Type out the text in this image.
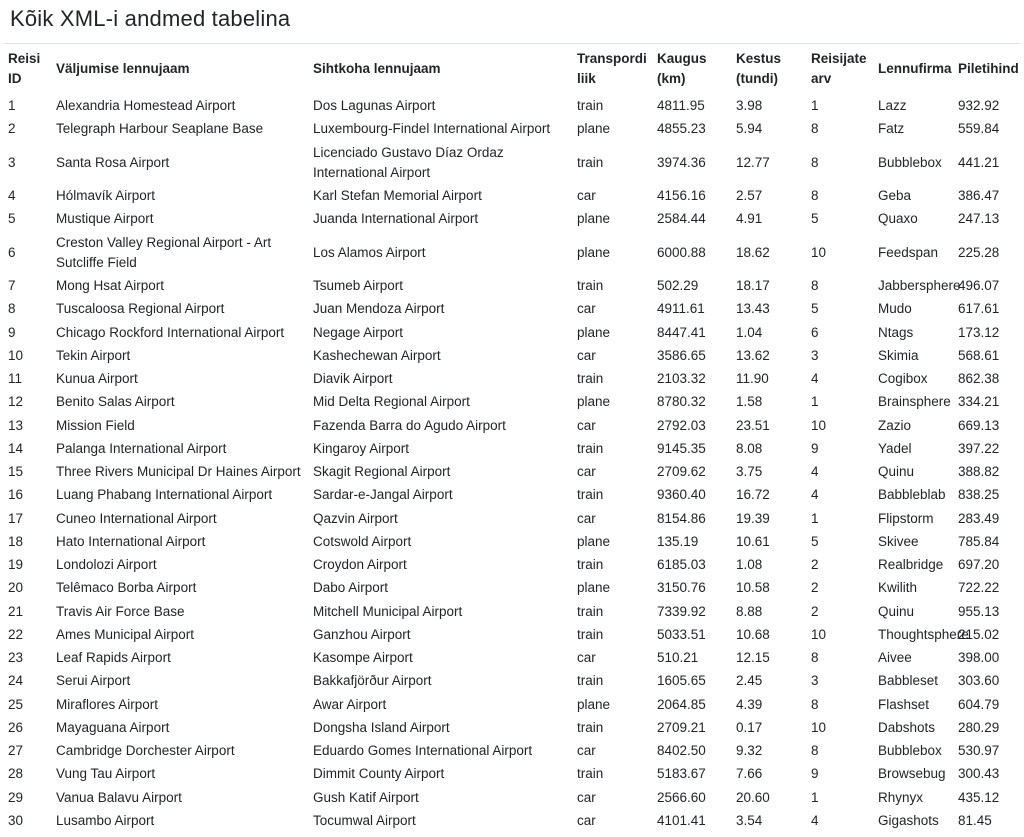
Kõik XML-i andmed tabelina
Reisi ID	Väljumise lennujaam	Sihtkoha lennujaam	Transpordi liik	Kaugus (km)	Kestus (tundi)	Reisijate arv	Lennufirma	Piletihind
1	Alexandria Homestead Airport	Dos Lagunas Airport	train	4811.95	3.98	1	Lazz	932.92
2	Telegraph Harbour Seaplane Base	Luxembourg-Findel International Airport	plane	4855.23	5.94	8	Fatz	559.84
3	Santa Rosa Airport	Licenciado Gustavo Díaz Ordaz International Airport	train	3974.36	12.77	8	Bubblebox	441.21
4	Hólmavík Airport	Karl Stefan Memorial Airport	car	4156.16	2.57	8	Geba	386.47
5	Mustique Airport	Juanda International Airport	plane	2584.44	4.91	5	Quaxo	247.13
6	Creston Valley Regional Airport - Art Sutcliffe Field	Los Alamos Airport	plane	6000.88	18.62	10	Feedspan	225.28
7	Mong Hsat Airport	Tsumeb Airport	train	502.29	18.17	8	Jabbersphere	496.07
8	Tuscaloosa Regional Airport	Juan Mendoza Airport	car	4911.61	13.43	5	Mudo	617.61
9	Chicago Rockford International Airport	Negage Airport	plane	8447.41	1.04	6	Ntags	173.12
10	Tekin Airport	Kashechewan Airport	car	3586.65	13.62	3	Skimia	568.61
11	Kunua Airport	Diavik Airport	train	2103.32	11.90	4	Cogibox	862.38
12	Benito Salas Airport	Mid Delta Regional Airport	plane	8780.32	1.58	1	Brainsphere	334.21
13	Mission Field	Fazenda Barra do Agudo Airport	car	2792.03	23.51	10	Zazio	669.13
14	Palanga International Airport	Kingaroy Airport	train	9145.35	8.08	9	Yadel	397.22
15	Three Rivers Municipal Dr Haines Airport	Skagit Regional Airport	car	2709.62	3.75	4	Quinu	388.82
16	Luang Phabang International Airport	Sardar-e-Jangal Airport	train	9360.40	16.72	4	Babbleblab	838.25
17	Cuneo International Airport	Qazvin Airport	car	8154.86	19.39	1	Flipstorm	283.49
18	Hato International Airport	Cotswold Airport	plane	135.19	10.61	5	Skivee	785.84
19	Londolozi Airport	Croydon Airport	train	6185.03	1.08	2	Realbridge	697.20
20	Telêmaco Borba Airport	Dabo Airport	plane	3150.76	10.58	2	Kwilith	722.22
21	Travis Air Force Base	Mitchell Municipal Airport	train	7339.92	8.88	2	Quinu	955.13
22	Ames Municipal Airport	Ganzhou Airport	train	5033.51	10.68	10	Thoughtsphere	215.02
23	Leaf Rapids Airport	Kasompe Airport	car	510.21	12.15	8	Aivee	398.00
24	Serui Airport	Bakkafjörður Airport	train	1605.65	2.45	3	Babbleset	303.60
25	Miraflores Airport	Awar Airport	plane	2064.85	4.39	8	Flashset	604.79
26	Mayaguana Airport	Dongsha Island Airport	train	2709.21	0.17	10	Dabshots	280.29
27	Cambridge Dorchester Airport	Eduardo Gomes International Airport	car	8402.50	9.32	8	Bubblebox	530.97
28	Vung Tau Airport	Dimmit County Airport	train	5183.67	7.66	9	Browsebug	300.43
29	Vanua Balavu Airport	Gush Katif Airport	car	2566.60	20.60	1	Rhynyx	435.12
30	Lusambo Airport	Tocumwal Airport	car	4101.41	3.54	4	Gigashots	81.45
